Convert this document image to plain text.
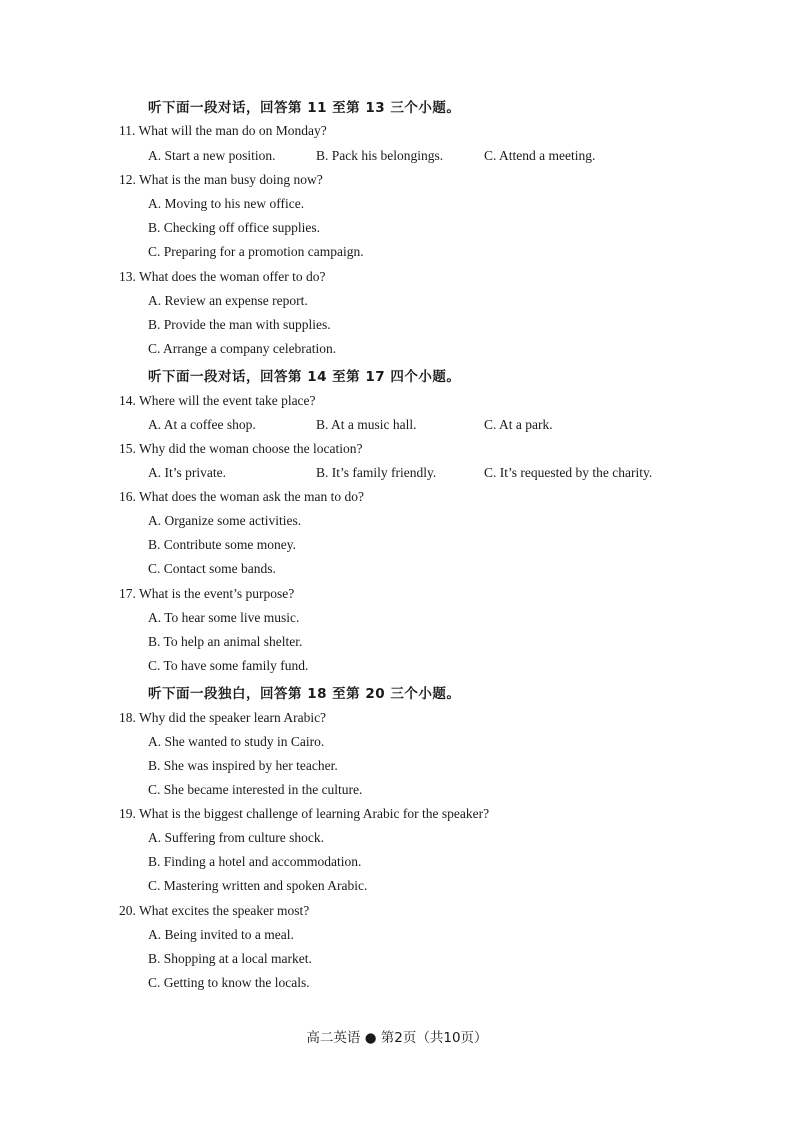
听下面一段对话，回答第 11 至第 13 三个小题。
11. What will the man do on Monday?
A. Start a new position.	B. Pack his belongings.	C. Attend a meeting.
12. What is the man busy doing now?
A. Moving to his new office.
B. Checking off office supplies.
C. Preparing for a promotion campaign.
13. What does the woman offer to do?
A. Review an expense report.
B. Provide the man with supplies.
C. Arrange a company celebration.
听下面一段对话，回答第 14 至第 17 四个小题。
14. Where will the event take place?
A. At a coffee shop.	B. At a music hall.	C. At a park.
15. Why did the woman choose the location?
A. It’s private.	B. It’s family friendly.	C. It’s requested by the charity.
16. What does the woman ask the man to do?
A. Organize some activities.
B. Contribute some money.
C. Contact some bands.
17. What is the event’s purpose?
A. To hear some live music.
B. To help an animal shelter.
C. To have some family fund.
听下面一段独白，回答第 18 至第 20 三个小题。
18. Why did the speaker learn Arabic?
A. She wanted to study in Cairo.
B. She was inspired by her teacher.
C. She became interested in the culture.
19. What is the biggest challenge of learning Arabic for the speaker?
A. Suffering from culture shock.
B. Finding a hotel and accommodation.
C. Mastering written and spoken Arabic.
20. What excites the speaker most?
A. Being invited to a meal.
B. Shopping at a local market.
C. Getting to know the locals.
高二英语 ● 第2页（共10页）
